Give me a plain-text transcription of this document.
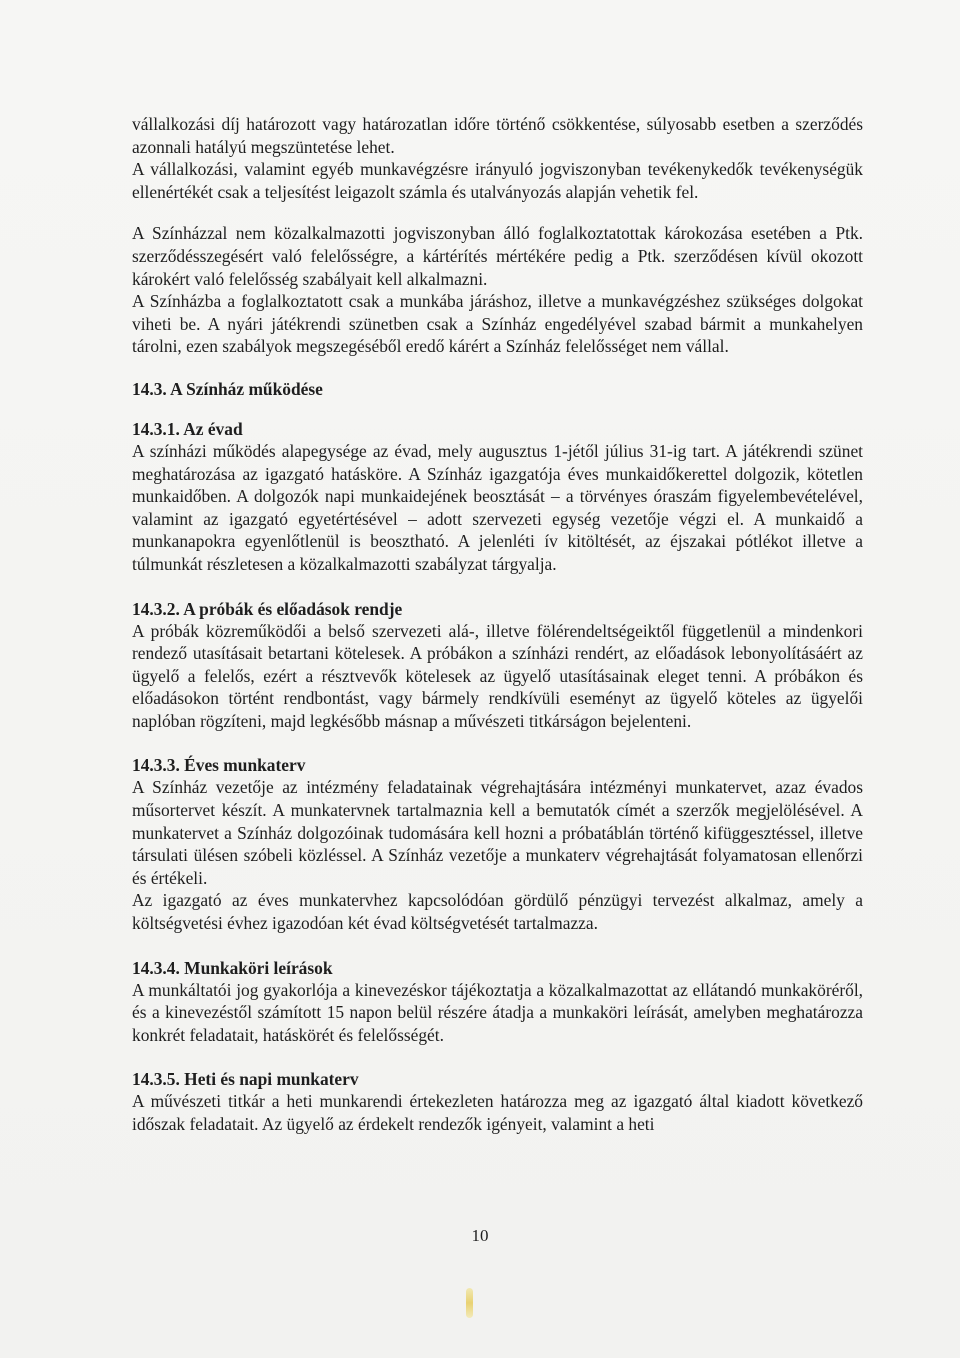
vállalkozási díj határozott vagy határozatlan időre történő csökkentése, súlyosabb esetben a szerződés azonnali hatályú megszüntetése lehet.

A vállalkozási, valamint egyéb munkavégzésre irányuló jogviszonyban tevékenykedők tevékenységük ellenértékét csak a teljesítést leigazolt számla és utalványozás alapján vehetik fel.

A Színházzal nem közalkalmazotti jogviszonyban álló foglalkoztatottak károkozása esetében a Ptk. szerződésszegésért való felelősségre, a kártérítés mértékére pedig a Ptk. szerződésen kívül okozott károkért való felelősség szabályait kell alkalmazni.

A Színházba a foglalkoztatott csak a munkába járáshoz, illetve a munkavégzéshez szükséges dolgokat viheti be. A nyári játékrendi szünetben csak a Színház engedélyével szabad bármit a munkahelyen tárolni, ezen szabályok megszegéséből eredő kárért a Színház felelősséget nem vállal.

14.3. A Színház működése
14.3.1. Az évad

A színházi működés alapegysége az évad, mely augusztus 1-jétől július 31-ig tart. A játékrendi szünet meghatározása az igazgató hatásköre. A Színház igazgatója éves munkaidőkerettel dolgozik, kötetlen munkaidőben. A dolgozók napi munkaidejének beosztását – a törvényes óraszám figyelembevételével, valamint az igazgató egyetértésével – adott szervezeti egység vezetője végzi el. A munkaidő a munkanapokra egyenlőtlenül is beosztható. A jelenléti ív kitöltését, az éjszakai pótlékot illetve a túlmunkát részletesen a közalkalmazotti szabályzat tárgyalja.

14.3.2. A próbák és előadások rendje

A próbák közreműködői a belső szervezeti alá-, illetve fölérendeltségeiktől függetlenül a mindenkori rendező utasításait betartani kötelesek. A próbákon a színházi rendért, az előadások lebonyolításáért az ügyelő a felelős, ezért a résztvevők kötelesek az ügyelő utasításainak eleget tenni. A próbákon és előadásokon történt rendbontást, vagy bármely rendkívüli eseményt az ügyelő köteles az ügyelői naplóban rögzíteni, majd legkésőbb másnap a művészeti titkárságon bejelenteni.

14.3.3. Éves munkaterv

A Színház vezetője az intézmény feladatainak végrehajtására intézményi munkatervet, azaz évados műsortervet készít. A munkatervnek tartalmaznia kell a bemutatók címét a szerzők megjelölésével. A munkatervet a Színház dolgozóinak tudomására kell hozni a próbatáblán történő kifüggesztéssel, illetve társulati ülésen szóbeli közléssel. A Színház vezetője a munkaterv végrehajtását folyamatosan ellenőrzi és értékeli.

Az igazgató az éves munkatervhez kapcsolódóan gördülő pénzügyi tervezést alkalmaz, amely a költségvetési évhez igazodóan két évad költségvetését tartalmazza.

14.3.4. Munkaköri leírások

A munkáltatói jog gyakorlója a kinevezéskor tájékoztatja a közalkalmazottat az ellátandó munkaköréről, és a kinevezéstől számított 15 napon belül részére átadja a munkaköri leírását, amelyben meghatározza konkrét feladatait, hatáskörét és felelősségét.

14.3.5. Heti és napi munkaterv

A művészeti titkár a heti munkarendi értekezleten határozza meg az igazgató által kiadott következő időszak feladatait. Az ügyelő az érdekelt rendezők igényeit, valamint a heti

10
